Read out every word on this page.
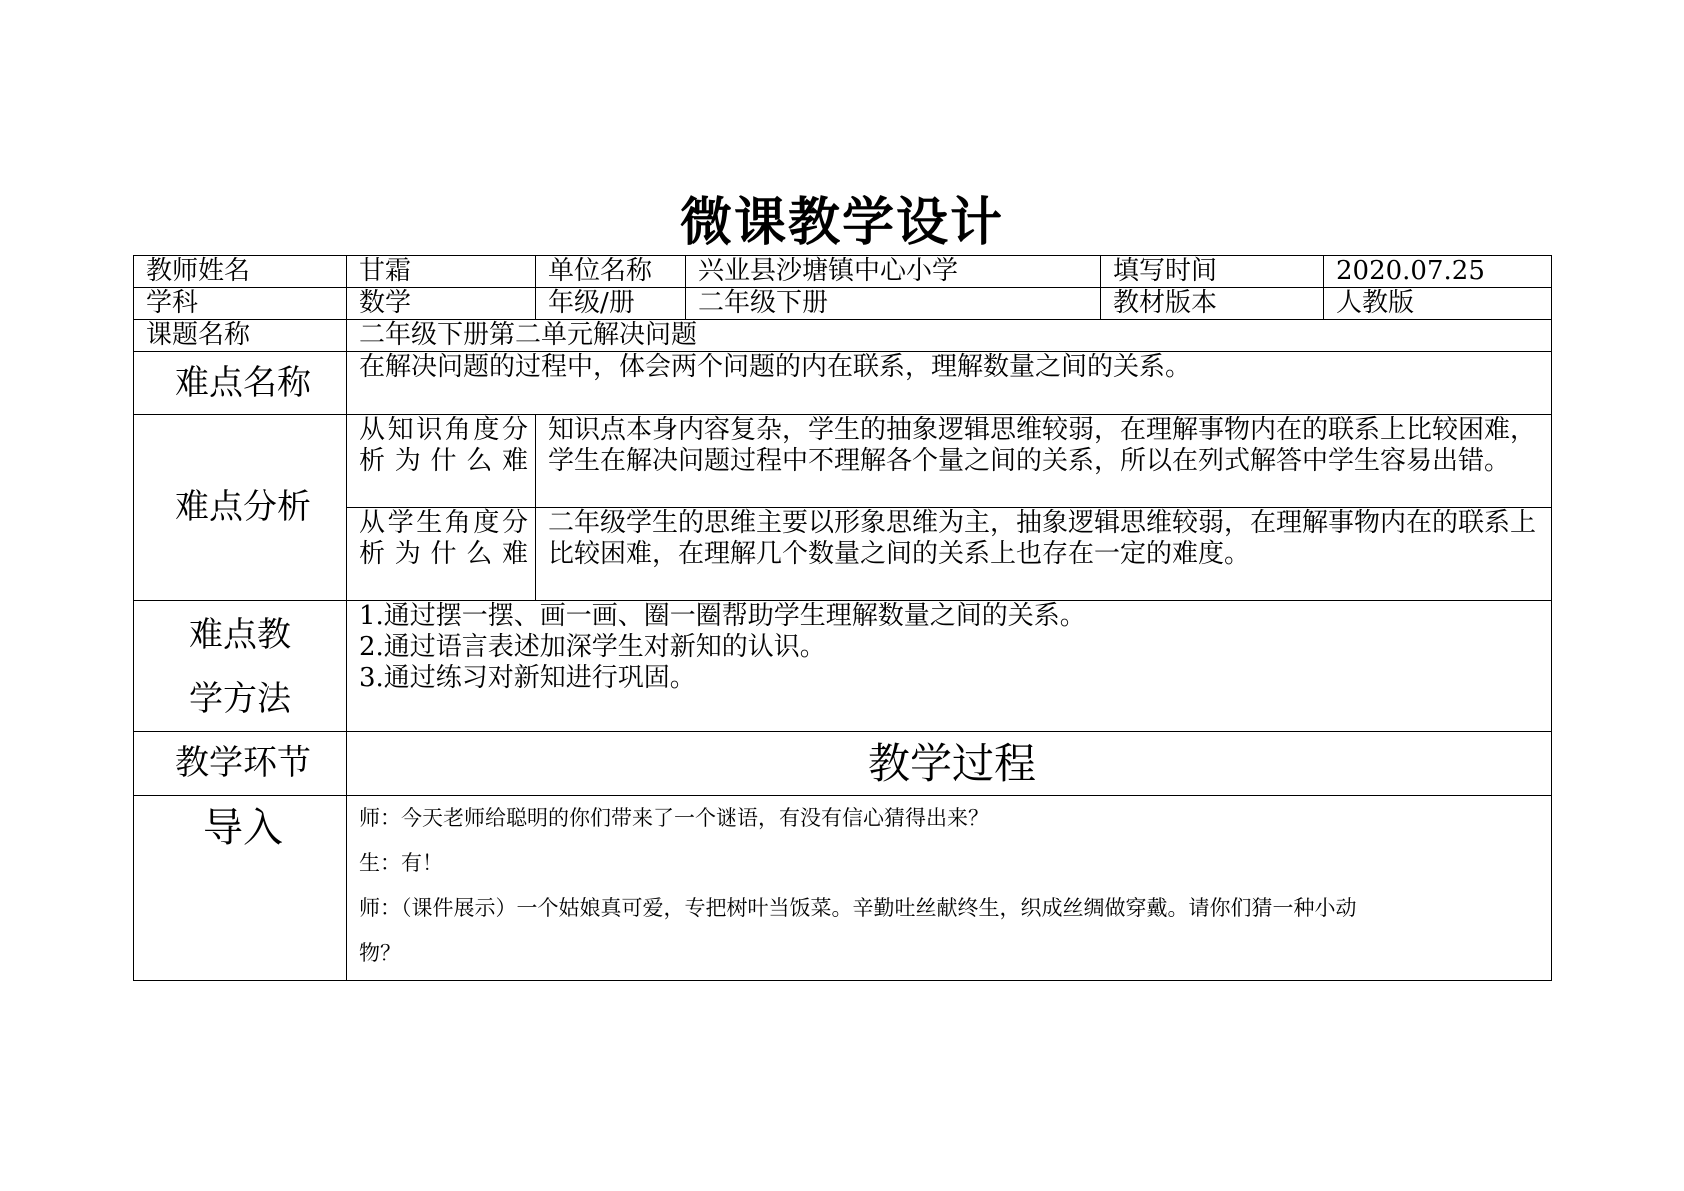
微课教学设计
教师姓名	甘霜	单位名称	兴业县沙塘镇中心小学	填写时间	2020.07.25
学科	数学	年级/册	二年级下册	教材版本	人教版
课题名称	二年级下册第二单元解决问题				
难点名称	在解决问题的过程中，体会两个问题的内在联系，理解数量之间的关系。				
难点分析	从知识角度分析为什么难	知识点本身内容复杂，学生的抽象逻辑思维较弱，在理解事物内在的联系上比较困难，学生在解决问题过程中不理解各个量之间的关系，所以在列式解答中学生容易出错。			
	从学生角度分析为什么难	二年级学生的思维主要以形象思维为主，抽象逻辑思维较弱，在理解事物内在的联系上比较困难，在理解几个数量之间的关系上也存在一定的难度。			
难点教学方法	1.通过摆一摆、画一画、圈一圈帮助学生理解数量之间的关系。
2.通过语言表述加深学生对新知的认识。
3.通过练习对新知进行巩固。				

教学环节	教学过程				
导入	师：今天老师给聪明的你们带来了一个谜语，有没有信心猜得出来？
生：有！
师：（课件展示）一个姑娘真可爱，专把树叶当饭菜。辛勤吐丝献终生，织成丝绸做穿戴。请你们猜一种小动
物？				
